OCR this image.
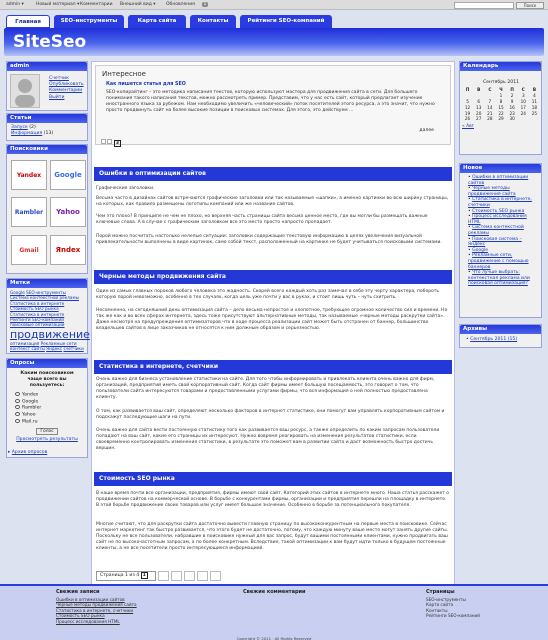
admin ▾	Новый материал ▾ Комментарии Внешний вид ▾ Обновления	1	Поиск
Главная	SEO-инструменты	Карта сайта	Контакты	Рейтинги SEO-компаний
SiteSeo
admin
Счетчик
Опубликовать
Комментарии
Выйти
Статьи
Запуск (2)
Информация (13)
Поисковики
Yandex Google
Rambler Yahoo
Gmail Яndex
Метки
Google SEO-инструменты Система контекстной рекламы Статистика в интернете Стоимость SEO рынка Статистика в интернете Рейтинги SEO-компаний поисковые оптимизации
продвижение
оптимизация Рекламные сети контекст сайты Яндекс счетчики
Опросы
Каким поисковиком чаще всего вы пользуетесь:
Yandex
Google
Rambler
Yahoo
Mail.ru
Голос
Просмотреть результаты
▸ Архив опросов
Интересное
Как пишется статья для SEO
SEO-копирайтинг – это методика написания текстов, которую используют мастера для продвижения сайта в сети. Для большего понимания такого написания текстов, можно рассмотреть пример. Представим, что у нас есть сайт, который предлагает изучение иностранного языка за рубежом. Нам необходимо увеличить «человеческий» поток посетителей этого ресурса, а это значит, что нужно просто продвинуть сайт на более высокие позиции в поисковых системах. Для этого, это действуем ...
далее
3
Ошибки в оптимизации сайтов
Графические заголовки.
Весьма часто в дизайнах сайтов встречаются графические заголовки или так называемые «шапки», а именно картинки во всю ширину страницы, на которых, как правило размещены логотипы компаний или же название сайтов.
Чем это плохо? В принципе не чем не плохо, но верхняя часть страницы сайта весьма ценное место, где вы могли бы размещать важные ключевые слова. А в случае с графическим заголовком все это место просто напросто пропадает.
Порой можно посчитать настолько нелепые ситуации: заголовки содержащие текстовую информацию в целях увеличения визуальной привлекательности выполнены в виде картинок, само собой текст, расположенный на картинке не будет учитываться поисковыми системами.
Черные методы продвижения сайта
Один из самых главных пороков любого человека это жадность. Скорей всего каждый хоть раз замечал в себе эту черту характера, побороть которую порой невозможно, особенно в тех случаях, когда цель уже почти у вас в руках, и стоит лишь чуть – чуть схитрить.
Несомненно, на сегодняшний день оптимизация сайта – дело весьма непростое и хлопотное, требующее огромное количество сил и времени. Но так же как и во всех сферах интернета, здесь тоже присутствуют альтернативные методы, так называемые «черные методы раскрутки сайта». Даже несмотря на предупреждения оптимизаторов что в ходе процесса реализации сайт может быть отстранен от баннер, большинство владельцев сайтов в лице заказчиков не относятся к ним должным образом и серьезностью.
Статистика в интернете, счетчики
Очень важно для бизнеса установление статистики на сайте. Для того чтобы информировать и привлекать клиента очень важно для фирм, организаций, предприятий иметь свой корпоративный сайт. Когда сайт фирмы имеет большую посещаемость, это говорит о том, что пользователи сайта интересуются товарами и предоставленными услугами фирмы, что вся информация о ней полностью предоставлена клиенту.
О том, как развивается ваш сайт, определяют несколько факторов в интернет статистике, они помогут вам управлять корпоративным сайтом и подскажут последующие шаги на пути.
Очень важно для сайта вести постоянную статистику того как развивается ваш ресурс, а также определить по каким запросам пользователи попадают на ваш сайт, какие его страницы их интересуют. Нужно вовремя реагировать на изменения результатов статистики, если своевременно контролировать изменения статистики, в результате это поможет вам в развитии сайта и даст возможность быстро достичь вершин.
Стоимость SEO рынка
В наше время почти все организации, предприятия, фирмы имеют свой сайт. Категорий этих сайтов в интернете много. Наша статья расскажет о продвижении сайтов на коммерческой основе. В борьбе с конкурентами фирмы, организации и предприятия перешли на площадку в интернете. В этой борьбе продвижение своих товаров или услуг имеет большое значение. Особенно в борьбе за потенциального покупателя.
Многие считают, что для раскрутки сайта достаточно вывести главную страницу по высококонкурентным на первые места в поисковике. Сейчас интернет маркетинг так быстро развивается, что этого будет не достаточно, потому, что каждую минуту ваше место могут занять другие сайты. Поскольку не все пользователи, набравшие в поисковике нужный для вас запрос, будут вашими постоянными клиентами, нужно продвигать ваш сайт не по высокочастотным запросам, а по более конкретным. Вследствие, такой оптимизации к вам будут идти только в будущем постоянные клиенты, а не все посетители просто интересующиеся информацией.
Страница 1 из 4 1
Календарь
Сентябрь 2011
П	В	С	Ч	П	С	В
			1	2	3	4
5	6	7	8	9	10	11
12	13	14	15	16	17	18
19	20	21	22	23	24	25
26	27	28	29	30		
« Авг
Новое
• Ошибки в оптимизации сайтов
• Черные методы продвижения сайта
• Статистика в интернете, счетчики
• Стоимость SEO рынка
• Процесс исследования HTML
• Система контекстной рекламы
• Поисковая система – Яндекс
• Google
• Рекламные сети, продвижение с помощью баннеров
• Что лучше выбрать: контекстная реклама или поисковая оптимизация?
Архивы
• Сентябрь 2011 (15)
Свежие записи
Ошибки в оптимизации сайтов
Черные методы продвижения сайта
Статистика в интернете, счетчики
Стоимость SEO рынка
Процесс исследования HTML
Свежие комментарии	Страницы
SEO-инструменты
Карта сайта
Контакты
Рейтинги SEO-компаний
Copyright © 2011 · All Rights Reserved
